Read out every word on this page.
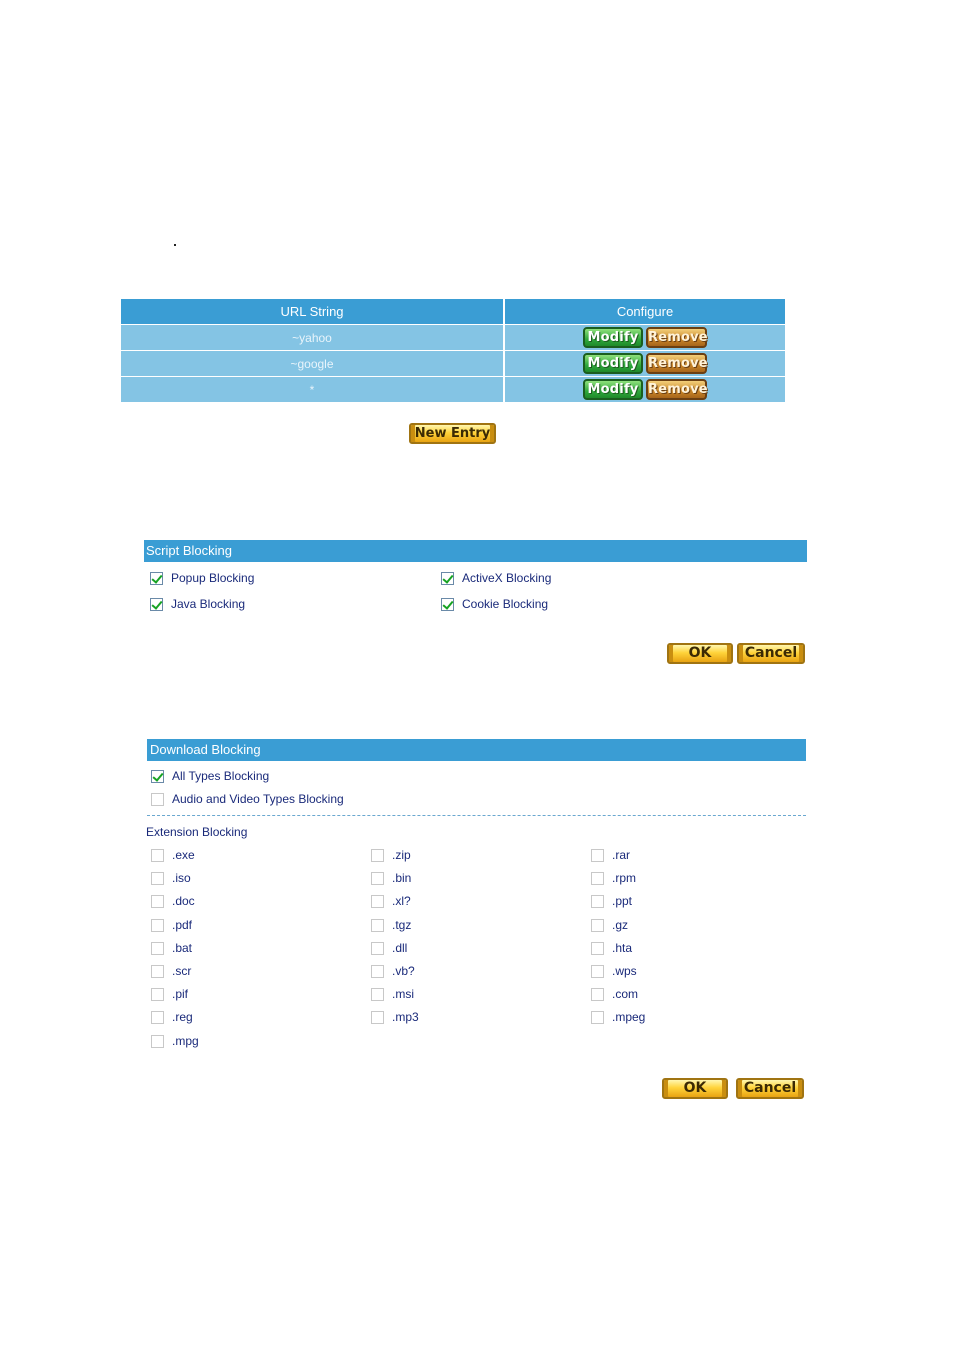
URL String	Configure
~yahoo	Modify Remove
~google	Modify Remove
*	Modify Remove
New Entry
Script Blocking
Popup Blocking	ActiveX Blocking
Java Blocking	Cookie Blocking
OK	Cancel
Download Blocking
All Types Blocking
Audio and Video Types Blocking
Extension Blocking
.exe	.zip	.rar
.iso	.bin	.rpm
.doc	.xl?	.ppt
.pdf	.tgz	.gz
.bat	.dll	.hta
.scr	.vb?	.wps
.pif	.msi	.com
.reg	.mp3	.mpeg
.mpg
OK	Cancel
